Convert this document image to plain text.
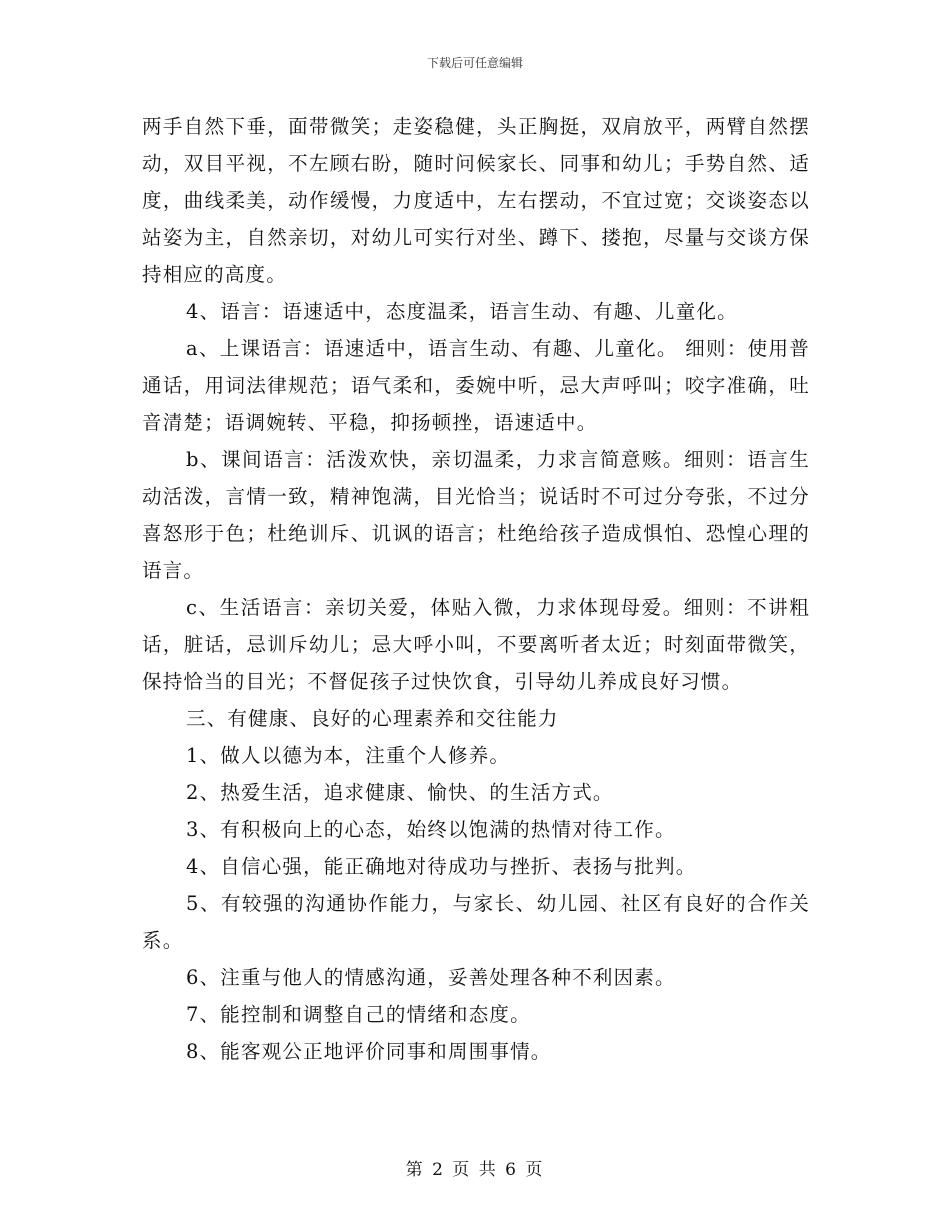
下载后可任意编辑

两手自然下垂，面带微笑；走姿稳健，头正胸挺，双肩放平，两臂自然摆动，双目平视，不左顾右盼，随时问候家长、同事和幼儿；手势自然、适度，曲线柔美，动作缓慢，力度适中，左右摆动，不宜过宽；交谈姿态以站姿为主，自然亲切，对幼儿可实行对坐、蹲下、搂抱，尽量与交谈方保持相应的高度。

4、语言：语速适中，态度温柔，语言生动、有趣、儿童化。

a、上课语言：语速适中，语言生动、有趣、儿童化。 细则：使用普通话，用词法律规范；语气柔和，委婉中听，忌大声呼叫；咬字准确，吐音清楚；语调婉转、平稳，抑扬顿挫，语速适中。

b、课间语言：活泼欢快，亲切温柔，力求言简意赅。细则：语言生动活泼，言情一致，精神饱满，目光恰当；说话时不可过分夸张，不过分喜怒形于色；杜绝训斥、讥讽的语言；杜绝给孩子造成惧怕、恐惶心理的语言。

c、生活语言：亲切关爱，体贴入微，力求体现母爱。细则：不讲粗话，脏话，忌训斥幼儿；忌大呼小叫，不要离听者太近；时刻面带微笑，保持恰当的目光；不督促孩子过快饮食，引导幼儿养成良好习惯。

三、有健康、良好的心理素养和交往能力

1、做人以德为本，注重个人修养。

2、热爱生活，追求健康、愉快、的生活方式。

3、有积极向上的心态，始终以饱满的热情对待工作。

4、自信心强，能正确地对待成功与挫折、表扬与批判。

5、有较强的沟通协作能力，与家长、幼儿园、社区有良好的合作关系。

6、注重与他人的情感沟通，妥善处理各种不利因素。

7、能控制和调整自己的情绪和态度。

8、能客观公正地评价同事和周围事情。

第 2 页 共 6 页
